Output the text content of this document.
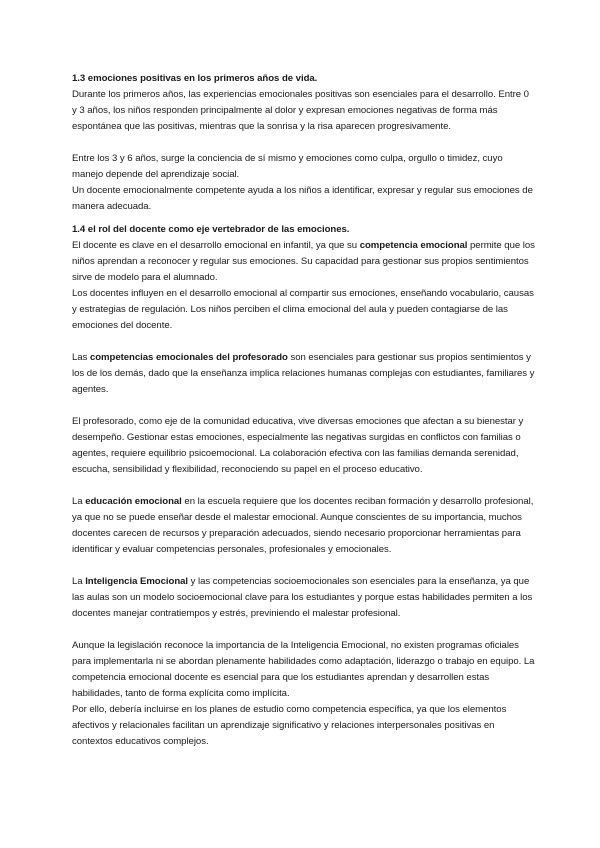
1.3 emociones positivas en los primeros años de vida.

Durante los primeros años, las experiencias emocionales positivas son esenciales para el desarrollo. Entre 0 y 3 años, los niños responden principalmente al dolor y expresan emociones negativas de forma más espontánea que las positivas, mientras que la sonrisa y la risa aparecen progresivamente.

Entre los 3 y 6 años, surge la conciencia de sí mismo y emociones como culpa, orgullo o timidez, cuyo manejo depende del aprendizaje social.

Un docente emocionalmente competente ayuda a los niños a identificar, expresar y regular sus emociones de manera adecuada.

1.4 el rol del docente como eje vertebrador de las emociones.

El docente es clave en el desarrollo emocional en infantil, ya que su competencia emocional permite que los niños aprendan a reconocer y regular sus emociones. Su capacidad para gestionar sus propios sentimientos sirve de modelo para el alumnado.

Los docentes influyen en el desarrollo emocional al compartir sus emociones, enseñando vocabulario, causas y estrategias de regulación. Los niños perciben el clima emocional del aula y pueden contagiarse de las emociones del docente.

Las competencias emocionales del profesorado son esenciales para gestionar sus propios sentimientos y los de los demás, dado que la enseñanza implica relaciones humanas complejas con estudiantes, familiares y agentes.

El profesorado, como eje de la comunidad educativa, vive diversas emociones que afectan a su bienestar y desempeño. Gestionar estas emociones, especialmente las negativas surgidas en conflictos con familias o agentes, requiere equilibrio psicoemocional. La colaboración efectiva con las familias demanda serenidad, escucha, sensibilidad y flexibilidad, reconociendo su papel en el proceso educativo.

La educación emocional en la escuela requiere que los docentes reciban formación y desarrollo profesional, ya que no se puede enseñar desde el malestar emocional. Aunque conscientes de su importancia, muchos docentes carecen de recursos y preparación adecuados, siendo necesario proporcionar herramientas para identificar y evaluar competencias personales, profesionales y emocionales.

La Inteligencia Emocional y las competencias socioemocionales son esenciales para la enseñanza, ya que las aulas son un modelo socioemocional clave para los estudiantes y porque estas habilidades permiten a los docentes manejar contratiempos y estrés, previniendo el malestar profesional.

Aunque la legislación reconoce la importancia de la Inteligencia Emocional, no existen programas oficiales para implementarla ni se abordan plenamente habilidades como adaptación, liderazgo o trabajo en equipo. La competencia emocional docente es esencial para que los estudiantes aprendan y desarrollen estas habilidades, tanto de forma explícita como implícita.

Por ello, debería incluirse en los planes de estudio como competencia específica, ya que los elementos afectivos y relacionales facilitan un aprendizaje significativo y relaciones interpersonales positivas en contextos educativos complejos.
